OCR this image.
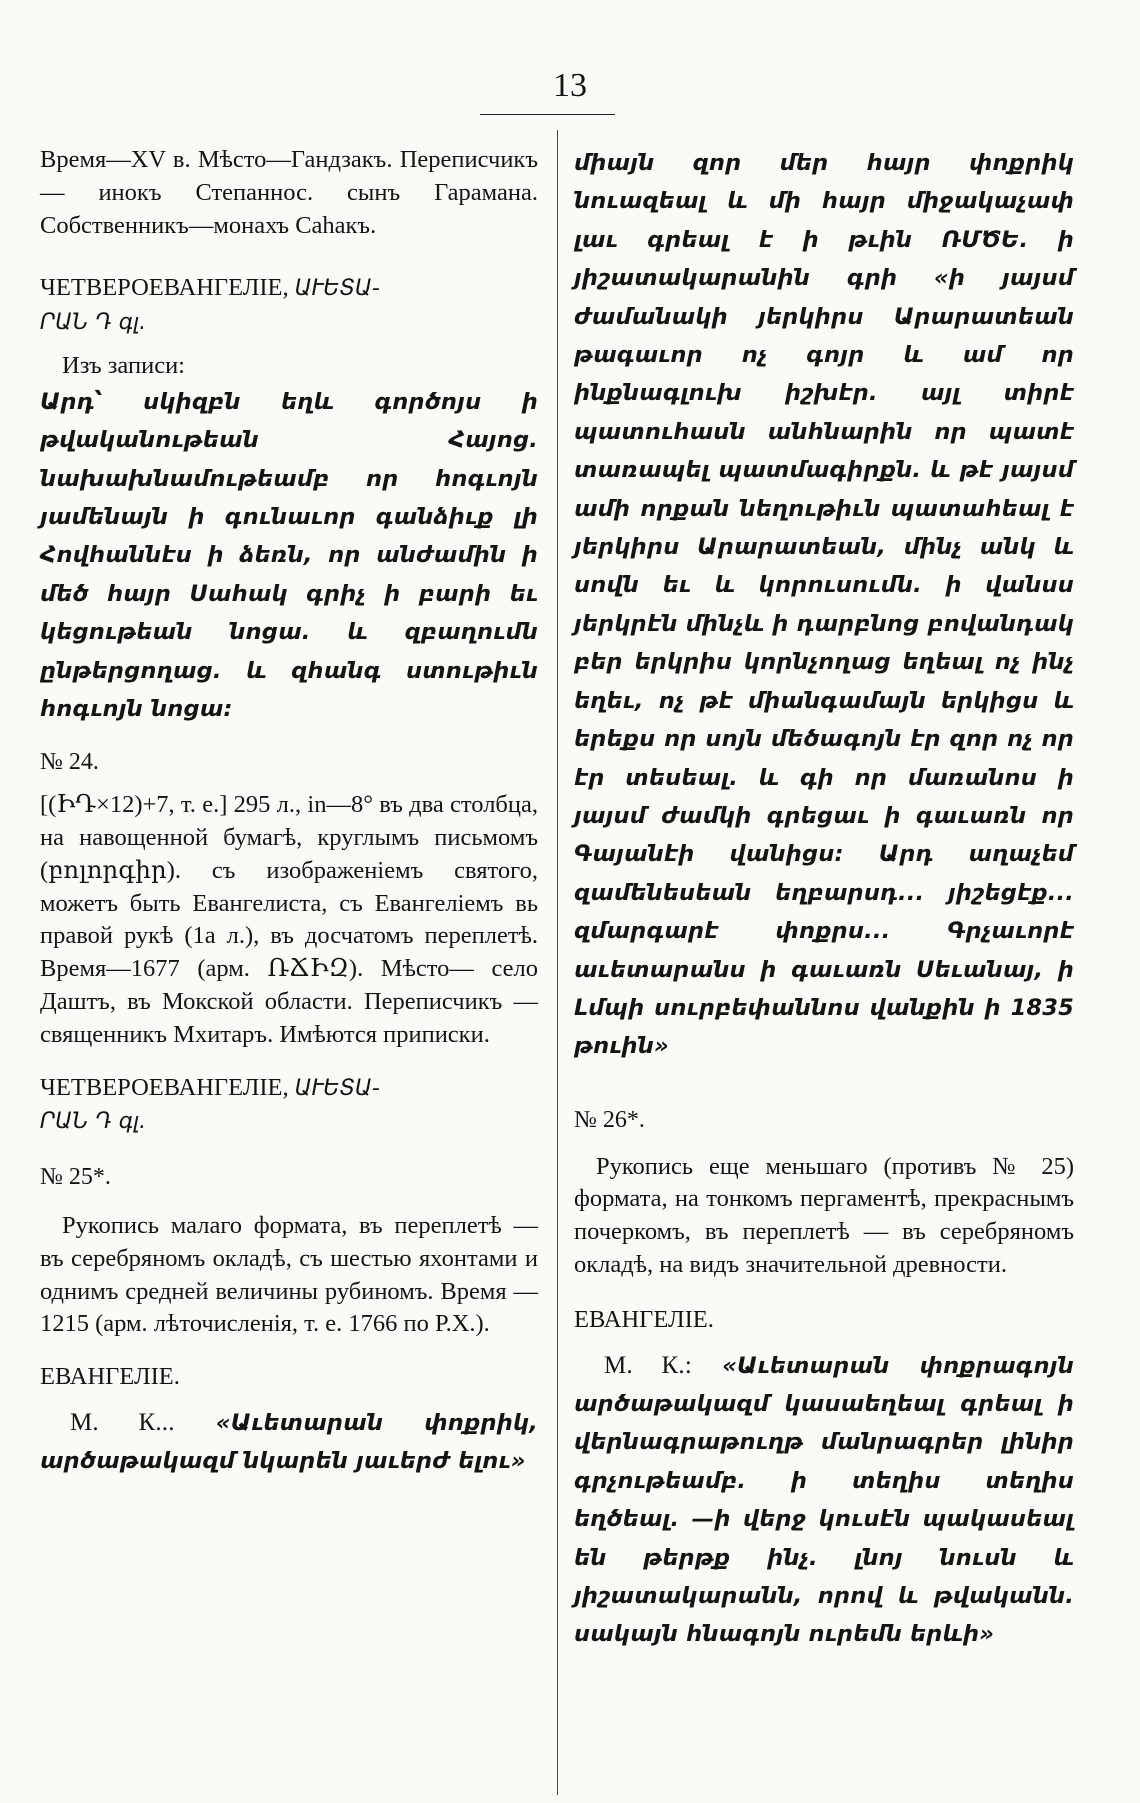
13

Время—XV в. Мѣсто—Гандзакъ. Переписчикъ — инокъ Степаннос. сынъ Гарамана. Собственникъ—монахъ Саhакъ.

ЧЕТВЕРОЕВАНГЕЛІЕ, ԱՒԵՏԱ-
ՐԱՆ Դ գլ.

Изъ записи:

Արդ՝ սկիզբն եղև գործոյս ի թվականութեան Հայոց. նախախնամութեամբ որ հոգւոյն յամենայն ի գունաւոր գանձիւք լի Հովհաննէս ի ձեռն, որ անժամին ի մեծ հայր Սահակ գրիչ ի բարի եւ կեցութեան նոցա. և զբաղումն ընթերցողաց. և զհանգ ստութիւն հոգւոյն նոցա:

№ 24.

[(ԻԴ×12)+7, т. е.] 295 л., in—8° въ два столбца, на навощенной бумагѣ, круглымъ письмомъ (բոլորգիր). съ изображеніемъ святого, можетъ быть Евангелиста, съ Евангеліемъ вь правой рукѣ (1а л.), въ досчатомъ переплетѣ. Время—1677 (арм. ՌՃԻԶ). Мѣсто— село Даштъ, въ Мокской области. Переписчикъ — священникъ Мхитаръ. Имѣются приписки.

ЧЕТВЕРОЕВАНГЕЛІЕ, ԱՒԵՏԱ-
ՐԱՆ Դ գլ.

№ 25*.

Рукопись малаго формата, въ переплетѣ — въ серебряномъ окладѣ, съ шестью яхонтами и однимъ средней величины рубиномъ. Время — 1215 (арм. лѣточисленія, т. е. 1766 по Р.Х.).

ЕВАНГЕЛІЕ.

М. К... «Աւետարան փոքրիկ, արծաթակազմ նկարեն յաւերժ ելու»

միայն զոր մեր հայր փոքրիկ նուազեալ և մի հայր միջակաչափ լաւ գրեալ է ի թւին ՌՄԾԵ. ի յիշատակարանին գրի «ի յայսմ ժամանակի յերկիրս Արարատեան թագաւոր ոչ գոյր և ամ որ ինքնագլուխ իշխէր. այլ տիրէ պատուհասն անհնարին որ պատէ տառապել պատմագիրքն. և թէ յայսմ ամի որքան նեղութիւն պատահեալ է յերկիրս Արարատեան, մինչ անկ և սովն եւ և կորուսումն. ի վանսս յերկրէն մինչև ի դարբնոց բովանդակ բեր երկրիս կորնչողաց եղեալ ոչ ինչ եղեւ, ոչ թէ միանգամայն երկիցս և երեքս որ սոյն մեծագոյն էր զոր ոչ որ էր տեսեալ. և գի որ մառանոս ի յայսմ ժամկի գրեցաւ ի գաւառն որ Գայանէի վանիցս: Արդ աղաչեմ զամենեսեան եղբարսդ... յիշեցէք... զմարգարէ փոքրս... Գրչաւորէ աւետարանս ի գաւառն Սեւանայ, ի Լմպի սուրբեփաննոս վանքին ի 1835 թուին»

№ 26*.

Рукопись еще меньшаго (противъ № 25) формата, на тонкомъ пергаментѣ, прекраснымъ почеркомъ, въ переплетѣ — въ серебряномъ окладѣ, на видъ значительной древности.

ЕВАНГЕЛІЕ.

М. К.: «Աւետարան փոքրագոյն արծաթակազմ կասաեղեալ գրեալ ի վերնագրաթուղթ մանրագրեր լինիր գրչութեամբ. ի տեղիս տեղիս եղծեալ. —ի վերջ կուսէն պակասեալ են թերթք ինչ. լնոյ նուսն և յիշատակարանն, որով և թվականն. սակայն հնագոյն ուրեմն երևի»
